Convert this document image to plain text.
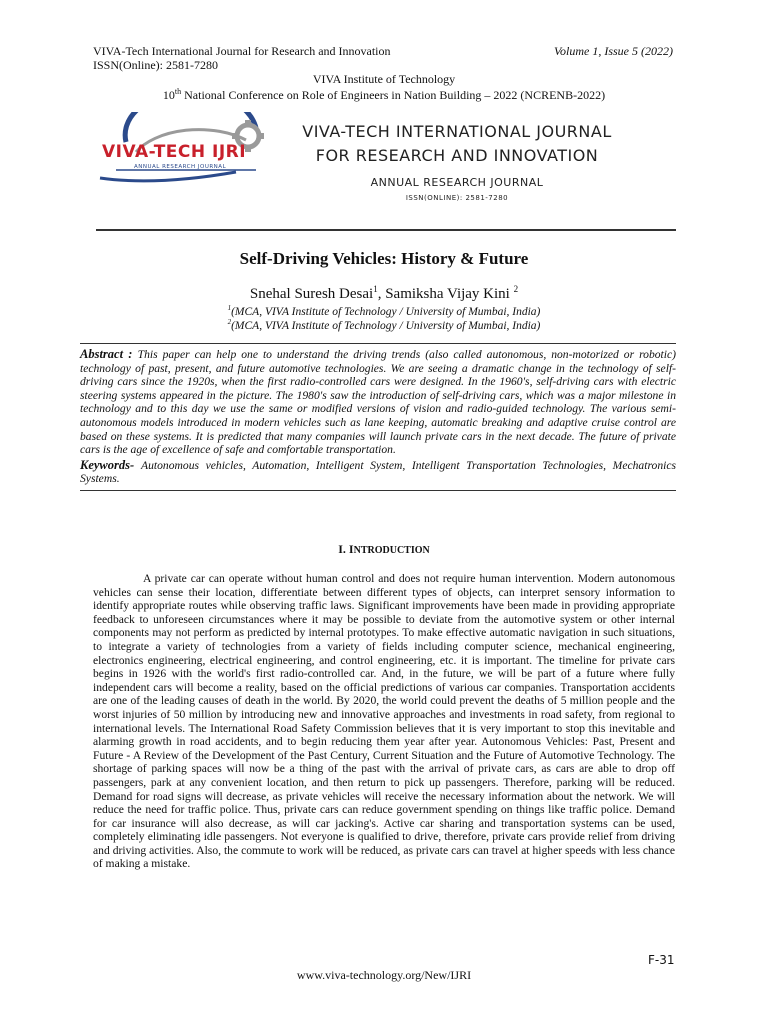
VIVA-Tech International Journal for Research and Innovation	Volume 1, Issue 5 (2022)
ISSN(Online): 2581-7280
VIVA Institute of Technology
10th National Conference on Role of Engineers in Nation Building – 2022 (NCRENB-2022)
VIVA-TECH IJRI
ANNUAL RESEARCH JOURNAL
VIVA-TECH INTERNATIONAL JOURNAL
FOR RESEARCH AND INNOVATION
ANNUAL RESEARCH JOURNAL
ISSN(ONLINE): 2581-7280
Self-Driving Vehicles: History & Future
Snehal Suresh Desai$^1$, Samiksha Vijay Kini $^2$
$^1$(MCA, VIVA Institute of Technology / University of Mumbai, India)
$^2$(MCA, VIVA Institute of Technology / University of Mumbai, India)
Abstract : This paper can help one to understand the driving trends (also called autonomous, non-motorized or robotic) technology of past, present, and future automotive technologies. We are seeing a dramatic change in the technology of self-driving cars since the 1920s, when the first radio-controlled cars were designed. In the 1960's, self-driving cars with electric steering systems appeared in the picture. The 1980's saw the introduction of self-driving cars, which was a major milestone in technology and to this day we use the same or modified versions of vision and radio-guided technology. The various semi-autonomous models introduced in modern vehicles such as lane keeping, automatic breaking and adaptive cruise control are based on these systems. It is predicted that many companies will launch private cars in the next decade. The future of private cars is the age of excellence of safe and comfortable transportation.
Keywords- Autonomous vehicles, Automation, Intelligent System, Intelligent Transportation Technologies, Mechatronics Systems.
I. INTRODUCTION

A private car can operate without human control and does not require human intervention. Modern autonomous vehicles can sense their location, differentiate between different types of objects, can interpret sensory information to identify appropriate routes while observing traffic laws. Significant improvements have been made in providing appropriate feedback to unforeseen circumstances where it may be possible to deviate from the automotive system or other internal components may not perform as predicted by internal prototypes. To make effective automatic navigation in such situations, to integrate a variety of technologies from a variety of fields including computer science, mechanical engineering, electronics engineering, electrical engineering, and control engineering, etc. it is important. The timeline for private cars begins in 1926 with the world's first radio-controlled car. And, in the future, we will be part of a future where fully independent cars will become a reality, based on the official predictions of various car companies. Transportation accidents are one of the leading causes of death in the world. By 2020, the world could prevent the deaths of 5 million people and the worst injuries of 50 million by introducing new and innovative approaches and investments in road safety, from regional to international levels. The International Road Safety Commission believes that it is very important to stop this inevitable and alarming growth in road accidents, and to begin reducing them year after year. Autonomous Vehicles: Past, Present and Future - A Review of the Development of the Past Century, Current Situation and the Future of Automotive Technology. The shortage of parking spaces will now be a thing of the past with the arrival of private cars, as cars are able to drop off passengers, park at any convenient location, and then return to pick up passengers. Therefore, parking will be reduced. Demand for road signs will decrease, as private vehicles will receive the necessary information about the network. We will reduce the need for traffic police. Thus, private cars can reduce government spending on things like traffic police. Demand for car insurance will also decrease, as will car jacking's. Active car sharing and transportation systems can be used, completely eliminating idle passengers. Not everyone is qualified to drive, therefore, private cars provide relief from driving and driving activities. Also, the commute to work will be reduced, as private cars can travel at higher speeds with less chance of making a mistake.

F-31
www.viva-technology.org/New/IJRI
